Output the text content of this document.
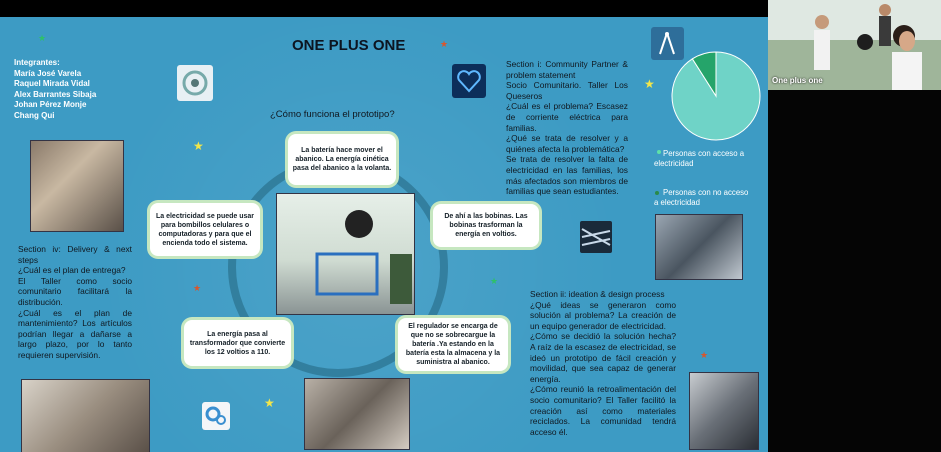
★
★
★
★
★
★
★
★
ONE PLUS ONE
¿Cómo funciona el prototipo?
Integrantes:
María José Varela
Raquel Mirada Vidal
Alex Barrantes Sibaja
Johan Pérez Monje
Chang Qui
Section iv: Delivery & next steps
¿Cuál es el plan de entrega?
El Taller como socio comunitario facilitará la distribución.
¿Cuál es el plan de mantenimiento? Los artículos podrían llegar a dañarse a largo plazo, por lo tanto requieren supervisión.
La batería hace mover el abanico. La energía cinética pasa del abanico a la volanta.
De ahí a las bobinas. Las bobinas trasforman la energía en voltios.
El regulador se encarga de que no se sobrecargue la batería .Ya estando en la batería esta la almacena y la suministra al abanico.
La energía pasa al transformador que convierte los 12 voltios a 110.
La electricidad se puede usar para bombillos celulares o computadoras y para que el encienda todo el sistema.
Section i: Community Partner & problem statement
Socio Comunitario. Taller Los Queseros
¿Cuál es el problema? Escasez de corriente eléctrica para familias.
¿Qué se trata de resolver y a quiénes afecta la problemática?
Se trata de resolver la falta de electricidad en las familias, los más afectados son miembros de familias que sean estudiantes.
Personas con acceso a electricidad
Personas con no acceso a electricidad
Section ii: ideation & design process
¿Qué ideas se generaron como solución al problema? La creación de un equipo generador de electricidad.
¿Cómo se decidió la solución hecha? A raíz de la escasez de electricidad, se ideó un prototipo de fácil creación y movilidad, que sea capaz de generar energía.
¿Cómo reunió la retroalimentación del socio comunitario? El Taller facilitó la creación así como materiales reciclados. La comunidad tendrá acceso él.
One plus one
